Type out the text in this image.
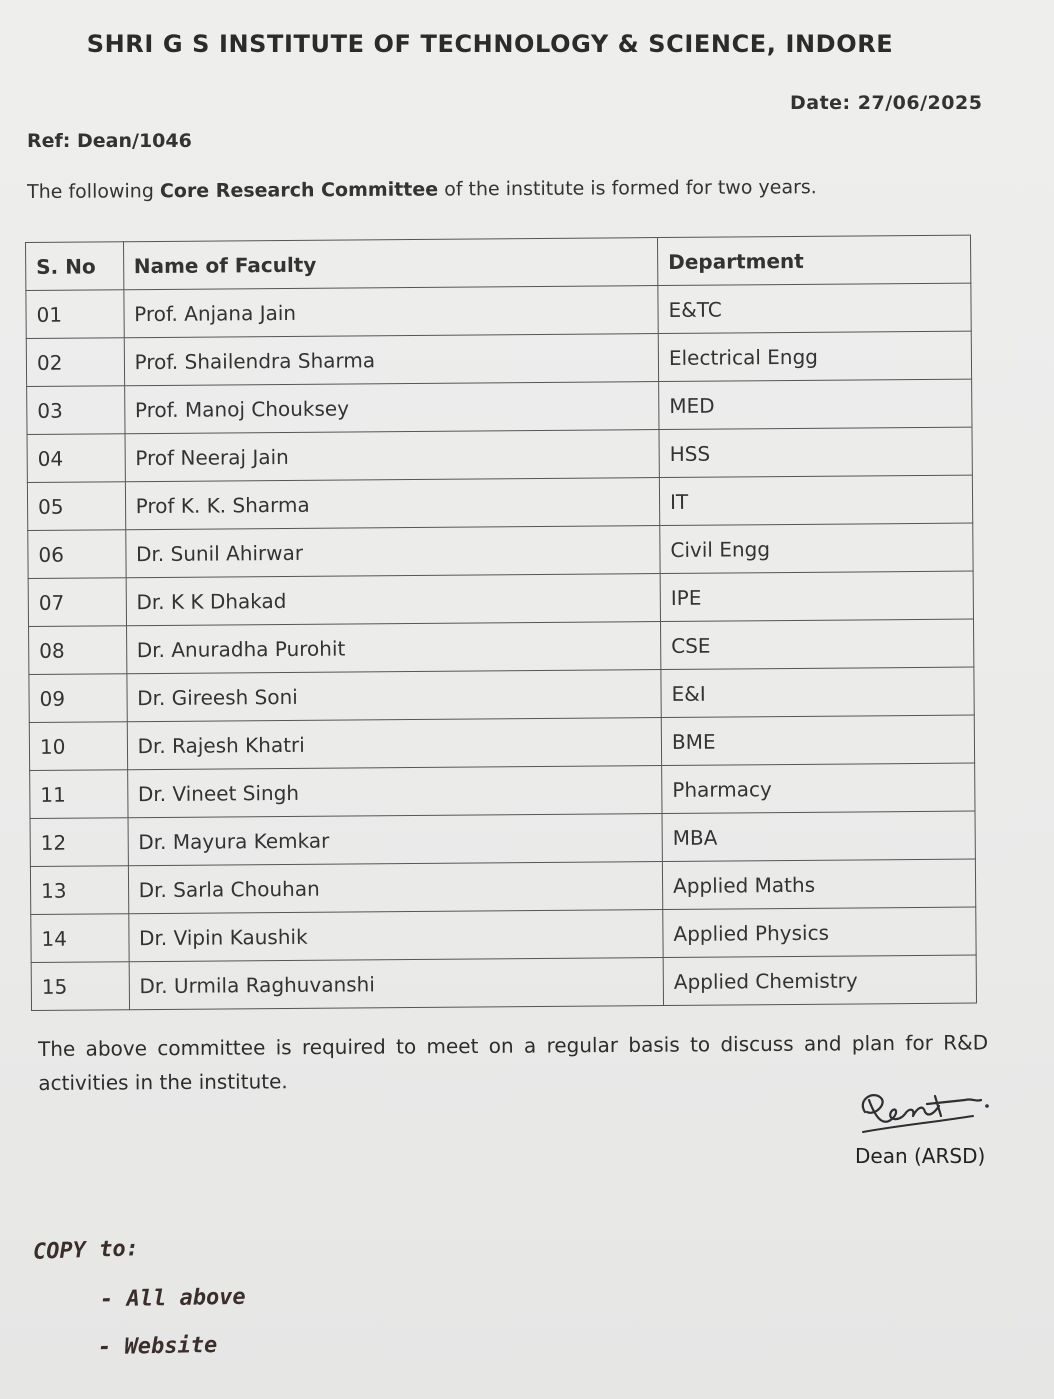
SHRI G S INSTITUTE OF TECHNOLOGY & SCIENCE, INDORE
Date: 27/06/2025
Ref: Dean/1046
The following Core Research Committee of the institute is formed for two years.
S. No	Name of Faculty	Department
01	Prof. Anjana Jain	E&TC
02	Prof. Shailendra Sharma	Electrical Engg
03	Prof. Manoj Chouksey	MED
04	Prof Neeraj Jain	HSS
05	Prof K. K. Sharma	IT
06	Dr. Sunil Ahirwar	Civil Engg
07	Dr. K K Dhakad	IPE
08	Dr. Anuradha Purohit	CSE
09	Dr. Gireesh Soni	E&I
10	Dr. Rajesh Khatri	BME
11	Dr. Vineet Singh	Pharmacy
12	Dr. Mayura Kemkar	MBA
13	Dr. Sarla Chouhan	Applied Maths
14	Dr. Vipin Kaushik	Applied Physics
15	Dr. Urmila Raghuvanshi	Applied Chemistry
The above committee is required to meet on a regular basis to discuss and plan for R&D activities in the institute.
Dean (ARSD)
COPY to:
- All above
- Website
